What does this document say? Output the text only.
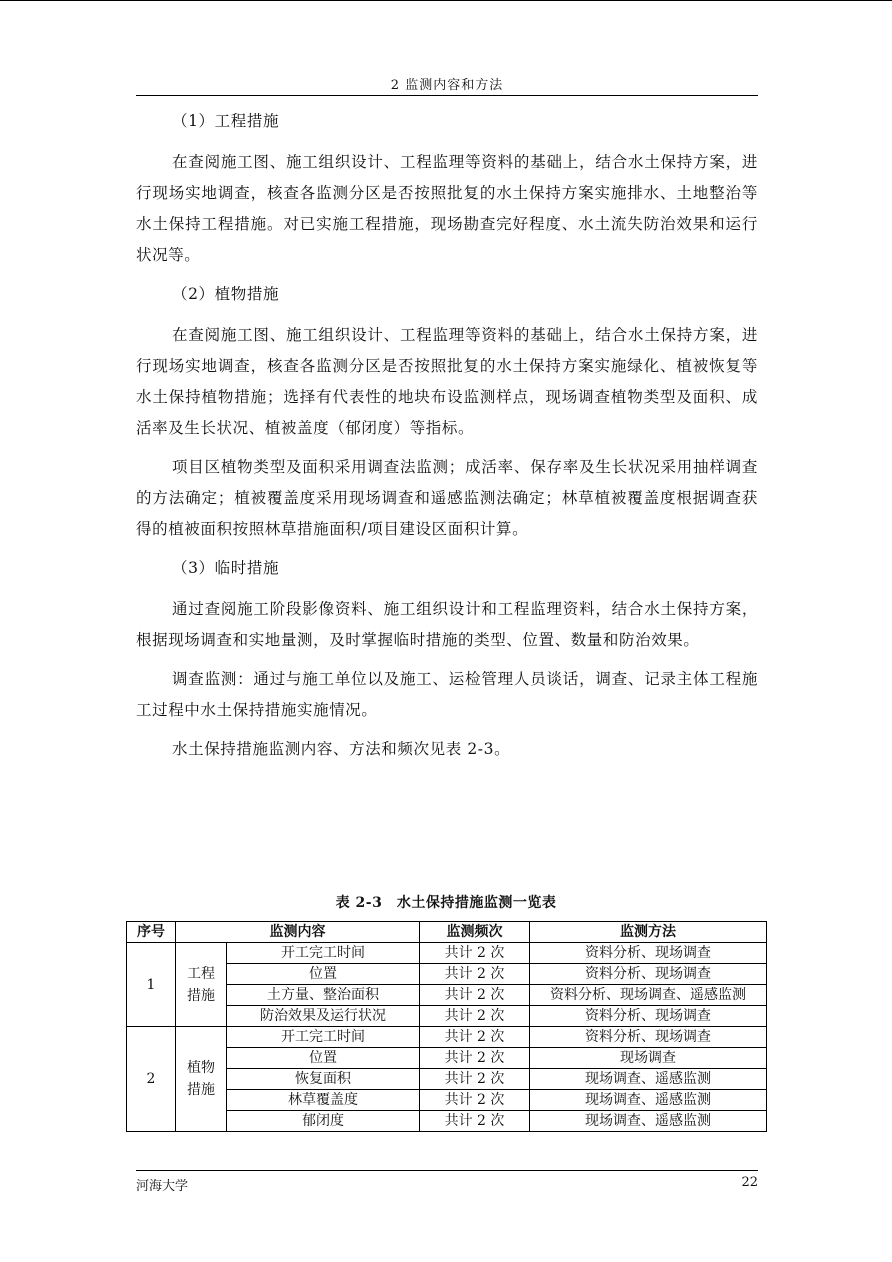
2 监测内容和方法

（1）工程措施

在查阅施工图、施工组织设计、工程监理等资料的基础上，结合水土保持方案，进行现场实地调查，核查各监测分区是否按照批复的水土保持方案实施排水、土地整治等水土保持工程措施。对已实施工程措施，现场勘查完好程度、水土流失防治效果和运行状况等。

（2）植物措施

在查阅施工图、施工组织设计、工程监理等资料的基础上，结合水土保持方案，进行现场实地调查，核查各监测分区是否按照批复的水土保持方案实施绿化、植被恢复等水土保持植物措施；选择有代表性的地块布设监测样点，现场调查植物类型及面积、成活率及生长状况、植被盖度（郁闭度）等指标。

项目区植物类型及面积采用调查法监测；成活率、保存率及生长状况采用抽样调查的方法确定；植被覆盖度采用现场调查和遥感监测法确定；林草植被覆盖度根据调查获得的植被面积按照林草措施面积/项目建设区面积计算。

（3）临时措施

通过查阅施工阶段影像资料、施工组织设计和工程监理资料，结合水土保持方案，根据现场调查和实地量测，及时掌握临时措施的类型、位置、数量和防治效果。

调查监测：通过与施工单位以及施工、运检管理人员谈话，调查、记录主体工程施工过程中水土保持措施实施情况。

水土保持措施监测内容、方法和频次见表 2-3。

表 2-3　水土保持措施监测一览表
序号	监测内容		监测频次	监测方法
1	工程措施	开工完工时间	共计 2 次	资料分析、现场调查
		位置	共计 2 次	资料分析、现场调查
		土方量、整治面积	共计 2 次	资料分析、现场调查、遥感监测
		防治效果及运行状况	共计 2 次	资料分析、现场调查
2	植物措施	开工完工时间	共计 2 次	资料分析、现场调查
		位置	共计 2 次	现场调查
		恢复面积	共计 2 次	现场调查、遥感监测
		林草覆盖度	共计 2 次	现场调查、遥感监测
		郁闭度	共计 2 次	现场调查、遥感监测
河海大学	22
